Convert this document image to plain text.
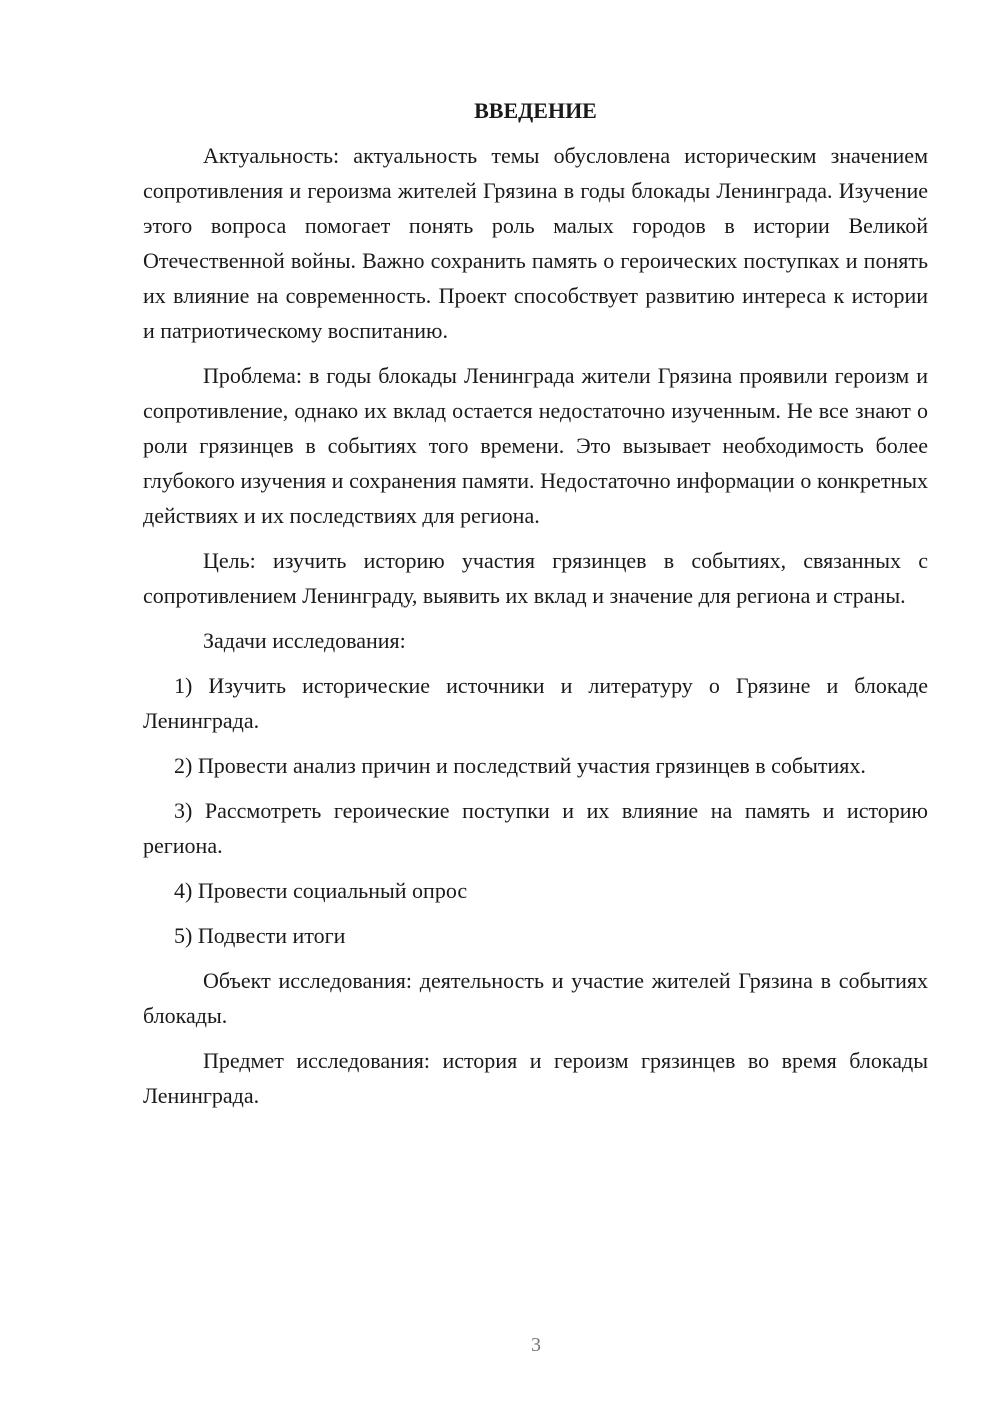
ВВЕДЕНИЕ

Актуальность: актуальность темы обусловлена историческим значением сопротивления и героизма жителей Грязина в годы блокады Ленинграда. Изучение этого вопроса помогает понять роль малых городов в истории Великой Отечественной войны. Важно сохранить память о героических поступках и понять их влияние на современность. Проект способствует развитию интереса к истории и патриотическому воспитанию.

Проблема: в годы блокады Ленинграда жители Грязина проявили героизм и сопротивление, однако их вклад остается недостаточно изученным. Не все знают о роли грязинцев в событиях того времени. Это вызывает необходимость более глубокого изучения и сохранения памяти. Недостаточно информации о конкретных действиях и их последствиях для региона.

Цель: изучить историю участия грязинцев в событиях, связанных с сопротивлением Ленинграду, выявить их вклад и значение для региона и страны.

Задачи исследования:

1) Изучить исторические источники и литературу о Грязине и блокаде Ленинграда.

2) Провести анализ причин и последствий участия грязинцев в событиях.

3) Рассмотреть героические поступки и их влияние на память и историю региона.

4) Провести социальный опрос

5) Подвести итоги

Объект исследования: деятельность и участие жителей Грязина в событиях блокады.

Предмет исследования: история и героизм грязинцев во время блокады Ленинграда.

3
